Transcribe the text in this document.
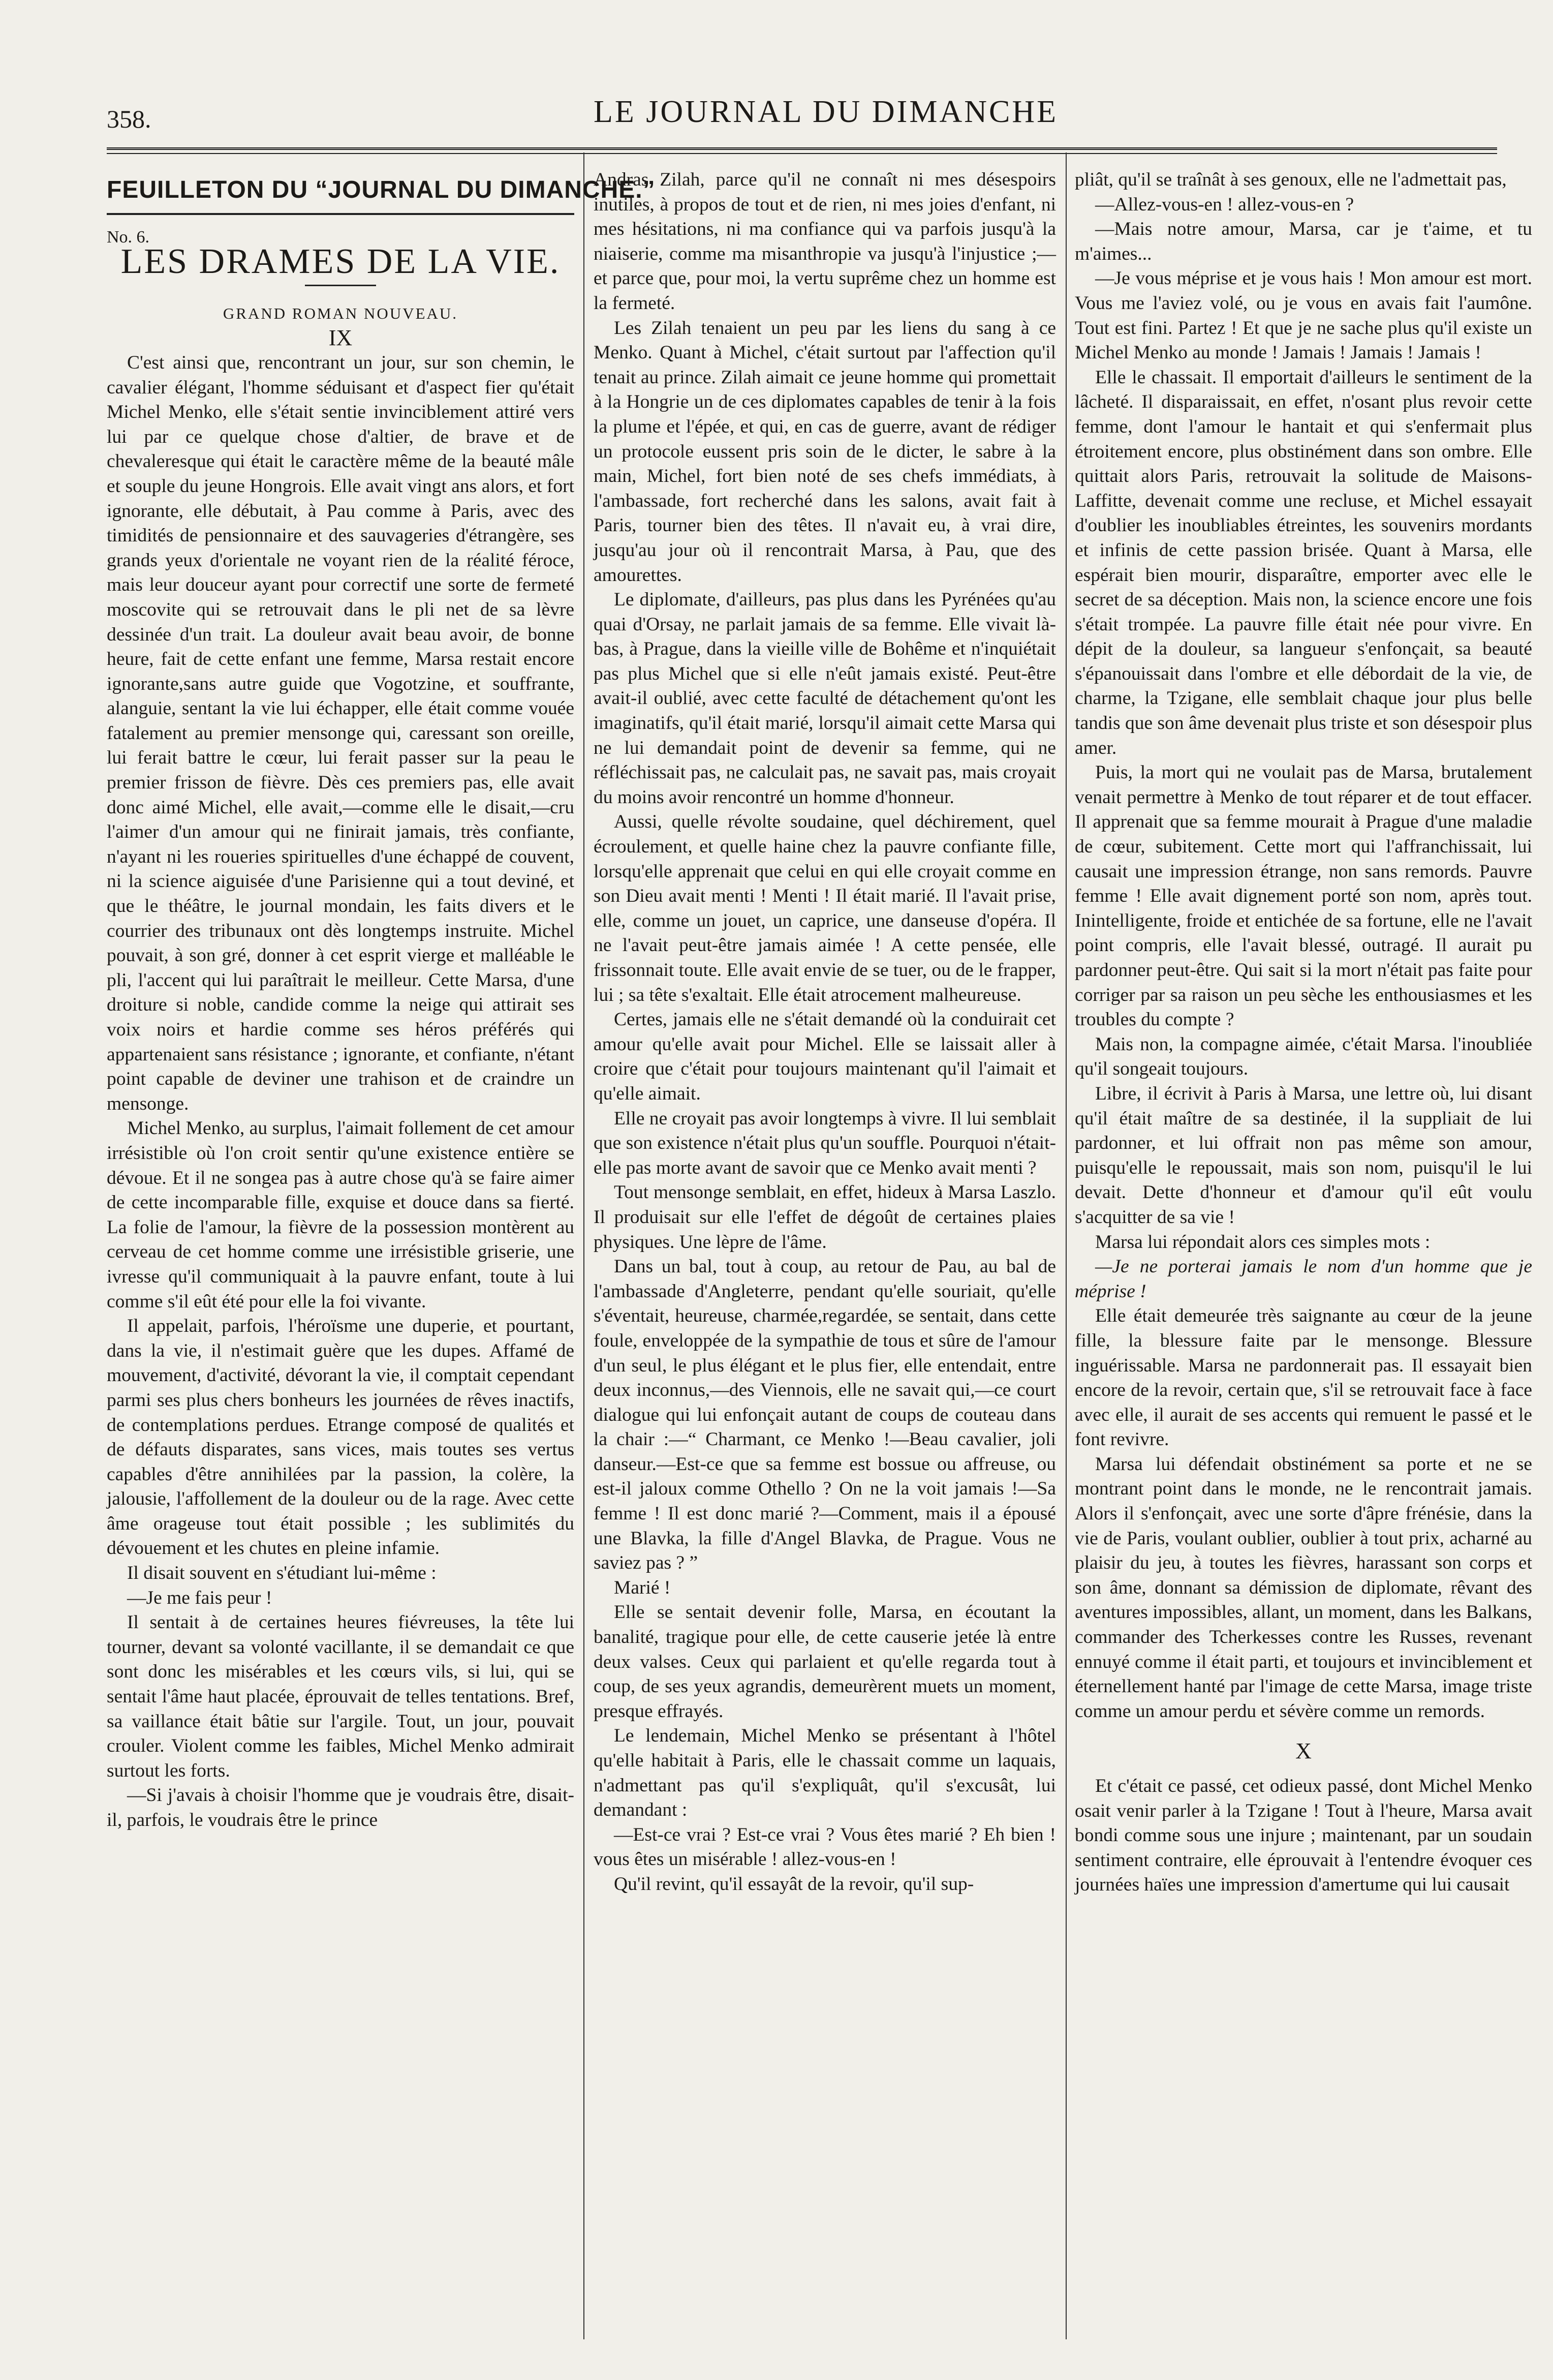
358.	LE JOURNAL DU DIMANCHE
FEUILLETON DU “JOURNAL DU DIMANCHE.”

No. 6.

LES DRAMES DE LA VIE.
GRAND ROMAN NOUVEAU.

IX

C'est ainsi que, rencontrant un jour, sur son chemin, le cavalier élégant, l'homme séduisant et d'aspect fier qu'était Michel Menko, elle s'était sentie invinciblement attiré vers lui par ce quelque chose d'altier, de brave et de chevaleresque qui était le caractère même de la beauté mâle et souple du jeune Hongrois. Elle avait vingt ans alors, et fort ignorante, elle débutait, à Pau comme à Paris, avec des timidités de pensionnaire et des sauvageries d'étrangère, ses grands yeux d'orientale ne voyant rien de la réalité féroce, mais leur douceur ayant pour correctif une sorte de fermeté moscovite qui se retrouvait dans le pli net de sa lèvre dessinée d'un trait. La douleur avait beau avoir, de bonne heure, fait de cette enfant une femme, Marsa restait encore ignorante,sans autre guide que Vogotzine, et souffrante, alanguie, sentant la vie lui échapper, elle était comme vouée fatalement au premier mensonge qui, caressant son oreille, lui ferait battre le cœur, lui ferait passer sur la peau le premier frisson de fièvre. Dès ces premiers pas, elle avait donc aimé Michel, elle avait,—comme elle le disait,—cru l'aimer d'un amour qui ne finirait jamais, très confiante, n'ayant ni les roueries spirituelles d'une échappé de couvent, ni la science aiguisée d'une Parisienne qui a tout deviné, et que le théâtre, le journal mondain, les faits divers et le courrier des tribunaux ont dès longtemps instruite. Michel pouvait, à son gré, donner à cet esprit vierge et malléable le pli, l'accent qui lui paraîtrait le meilleur. Cette Marsa, d'une droiture si noble, candide comme la neige qui attirait ses voix noirs et hardie comme ses héros préférés qui appartenaient sans résistance ; ignorante, et confiante, n'étant point capable de deviner une trahison et de craindre un mensonge.

Michel Menko, au surplus, l'aimait follement de cet amour irrésistible où l'on croit sentir qu'une existence entière se dévoue. Et il ne songea pas à autre chose qu'à se faire aimer de cette incomparable fille, exquise et douce dans sa fierté. La folie de l'amour, la fièvre de la possession montèrent au cerveau de cet homme comme une irrésistible griserie, une ivresse qu'il communiquait à la pauvre enfant, toute à lui comme s'il eût été pour elle la foi vivante.

Il appelait, parfois, l'héroïsme une duperie, et pourtant, dans la vie, il n'estimait guère que les dupes. Affamé de mouvement, d'activité, dévorant la vie, il comptait cependant parmi ses plus chers bonheurs les journées de rêves inactifs, de contemplations perdues. Etrange composé de qualités et de défauts disparates, sans vices, mais toutes ses vertus capables d'être annihilées par la passion, la colère, la jalousie, l'affollement de la douleur ou de la rage. Avec cette âme orageuse tout était possible ; les sublimités du dévouement et les chutes en pleine infamie.

Il disait souvent en s'étudiant lui-même :

—Je me fais peur !

Il sentait à de certaines heures fiévreuses, la tête lui tourner, devant sa volonté vacillante, il se demandait ce que sont donc les misérables et les cœurs vils, si lui, qui se sentait l'âme haut placée, éprouvait de telles tentations. Bref, sa vaillance était bâtie sur l'argile. Tout, un jour, pouvait crouler. Violent comme les faibles, Michel Menko admirait surtout les forts.

—Si j'avais à choisir l'homme que je voudrais être, disait-il, parfois, le voudrais être le prince

Andras Zilah, parce qu'il ne connaît ni mes désespoirs inutiles, à propos de tout et de rien, ni mes joies d'enfant, ni mes hésitations, ni ma confiance qui va parfois jusqu'à la niaiserie, comme ma misanthropie va jusqu'à l'injustice ;—et parce que, pour moi, la vertu suprême chez un homme est la fermeté.

Les Zilah tenaient un peu par les liens du sang à ce Menko. Quant à Michel, c'était surtout par l'affection qu'il tenait au prince. Zilah aimait ce jeune homme qui promettait à la Hongrie un de ces diplomates capables de tenir à la fois la plume et l'épée, et qui, en cas de guerre, avant de rédiger un protocole eussent pris soin de le dicter, le sabre à la main, Michel, fort bien noté de ses chefs immédiats, à l'ambassade, fort recherché dans les salons, avait fait à Paris, tourner bien des têtes. Il n'avait eu, à vrai dire, jusqu'au jour où il rencontrait Marsa, à Pau, que des amourettes.

Le diplomate, d'ailleurs, pas plus dans les Pyrénées qu'au quai d'Orsay, ne parlait jamais de sa femme. Elle vivait là-bas, à Prague, dans la vieille ville de Bohême et n'inquiétait pas plus Michel que si elle n'eût jamais existé. Peut-être avait-il oublié, avec cette faculté de détachement qu'ont les imaginatifs, qu'il était marié, lorsqu'il aimait cette Marsa qui ne lui demandait point de devenir sa femme, qui ne réfléchissait pas, ne calculait pas, ne savait pas, mais croyait du moins avoir rencontré un homme d'honneur.

Aussi, quelle révolte soudaine, quel déchirement, quel écroulement, et quelle haine chez la pauvre confiante fille, lorsqu'elle apprenait que celui en qui elle croyait comme en son Dieu avait menti ! Menti ! Il était marié. Il l'avait prise, elle, comme un jouet, un caprice, une danseuse d'opéra. Il ne l'avait peut-être jamais aimée ! A cette pensée, elle frissonnait toute. Elle avait envie de se tuer, ou de le frapper, lui ; sa tête s'exaltait. Elle était atrocement malheureuse.

Certes, jamais elle ne s'était demandé où la conduirait cet amour qu'elle avait pour Michel. Elle se laissait aller à croire que c'était pour toujours maintenant qu'il l'aimait et qu'elle aimait.

Elle ne croyait pas avoir longtemps à vivre. Il lui semblait que son existence n'était plus qu'un souffle. Pourquoi n'était-elle pas morte avant de savoir que ce Menko avait menti ?

Tout mensonge semblait, en effet, hideux à Marsa Laszlo. Il produisait sur elle l'effet de dégoût de certaines plaies physiques. Une lèpre de l'âme.

Dans un bal, tout à coup, au retour de Pau, au bal de l'ambassade d'Angleterre, pendant qu'elle souriait, qu'elle s'éventait, heureuse, charmée,regardée, se sentait, dans cette foule, enveloppée de la sympathie de tous et sûre de l'amour d'un seul, le plus élégant et le plus fier, elle entendait, entre deux inconnus,—des Viennois, elle ne savait qui,—ce court dialogue qui lui enfonçait autant de coups de couteau dans la chair :—“ Charmant, ce Menko !—Beau cavalier, joli danseur.—Est-ce que sa femme est bossue ou affreuse, ou est-il jaloux comme Othello ? On ne la voit jamais !—Sa femme ! Il est donc marié ?—Comment, mais il a épousé une Blavka, la fille d'Angel Blavka, de Prague. Vous ne saviez pas ? ”

Marié !

Elle se sentait devenir folle, Marsa, en écoutant la banalité, tragique pour elle, de cette causerie jetée là entre deux valses. Ceux qui parlaient et qu'elle regarda tout à coup, de ses yeux agrandis, demeurèrent muets un moment, presque effrayés.

Le lendemain, Michel Menko se présentant à l'hôtel qu'elle habitait à Paris, elle le chassait comme un laquais, n'admettant pas qu'il s'expliquât, qu'il s'excusât, lui demandant :

—Est-ce vrai ? Est-ce vrai ? Vous êtes marié ? Eh bien ! vous êtes un misérable ! allez-vous-en !

Qu'il revint, qu'il essayât de la revoir, qu'il sup-

pliât, qu'il se traînât à ses genoux, elle ne l'admettait pas,

—Allez-vous-en ! allez-vous-en ?

—Mais notre amour, Marsa, car je t'aime, et tu m'aimes...

—Je vous méprise et je vous hais ! Mon amour est mort. Vous me l'aviez volé, ou je vous en avais fait l'aumône. Tout est fini. Partez ! Et que je ne sache plus qu'il existe un Michel Menko au monde ! Jamais ! Jamais ! Jamais !

Elle le chassait. Il emportait d'ailleurs le sentiment de la lâcheté. Il disparaissait, en effet, n'osant plus revoir cette femme, dont l'amour le hantait et qui s'enfermait plus étroitement encore, plus obstinément dans son ombre. Elle quittait alors Paris, retrouvait la solitude de Maisons-Laffitte, devenait comme une recluse, et Michel essayait d'oublier les inoubliables étreintes, les souvenirs mordants et infinis de cette passion brisée. Quant à Marsa, elle espérait bien mourir, disparaître, emporter avec elle le secret de sa déception. Mais non, la science encore une fois s'était trompée. La pauvre fille était née pour vivre. En dépit de la douleur, sa langueur s'enfonçait, sa beauté s'épanouissait dans l'ombre et elle débordait de la vie, de charme, la Tzigane, elle semblait chaque jour plus belle tandis que son âme devenait plus triste et son désespoir plus amer.

Puis, la mort qui ne voulait pas de Marsa, brutalement venait permettre à Menko de tout réparer et de tout effacer. Il apprenait que sa femme mourait à Prague d'une maladie de cœur, subitement. Cette mort qui l'affranchissait, lui causait une impression étrange, non sans remords. Pauvre femme ! Elle avait dignement porté son nom, après tout. Inintelligente, froide et entichée de sa fortune, elle ne l'avait point compris, elle l'avait blessé, outragé. Il aurait pu pardonner peut-être. Qui sait si la mort n'était pas faite pour corriger par sa raison un peu sèche les enthousiasmes et les troubles du compte ?

Mais non, la compagne aimée, c'était Marsa. l'inoubliée qu'il songeait toujours.

Libre, il écrivit à Paris à Marsa, une lettre où, lui disant qu'il était maître de sa destinée, il la suppliait de lui pardonner, et lui offrait non pas même son amour, puisqu'elle le repoussait, mais son nom, puisqu'il le lui devait. Dette d'honneur et d'amour qu'il eût voulu s'acquitter de sa vie !

Marsa lui répondait alors ces simples mots :

—Je ne porterai jamais le nom d'un homme que je méprise !

Elle était demeurée très saignante au cœur de la jeune fille, la blessure faite par le mensonge. Blessure inguérissable. Marsa ne pardonnerait pas. Il essayait bien encore de la revoir, certain que, s'il se retrouvait face à face avec elle, il aurait de ses accents qui remuent le passé et le font revivre.

Marsa lui défendait obstinément sa porte et ne se montrant point dans le monde, ne le rencontrait jamais. Alors il s'enfonçait, avec une sorte d'âpre frénésie, dans la vie de Paris, voulant oublier, oublier à tout prix, acharné au plaisir du jeu, à toutes les fièvres, harassant son corps et son âme, donnant sa démission de diplomate, rêvant des aventures impossibles, allant, un moment, dans les Balkans, commander des Tcherkesses contre les Russes, revenant ennuyé comme il était parti, et toujours et invinciblement et éternellement hanté par l'image de cette Marsa, image triste comme un amour perdu et sévère comme un remords.

X

Et c'était ce passé, cet odieux passé, dont Michel Menko osait venir parler à la Tzigane ! Tout à l'heure, Marsa avait bondi comme sous une injure ; maintenant, par un soudain sentiment contraire, elle éprouvait à l'entendre évoquer ces journées haïes une impression d'amertume qui lui causait
